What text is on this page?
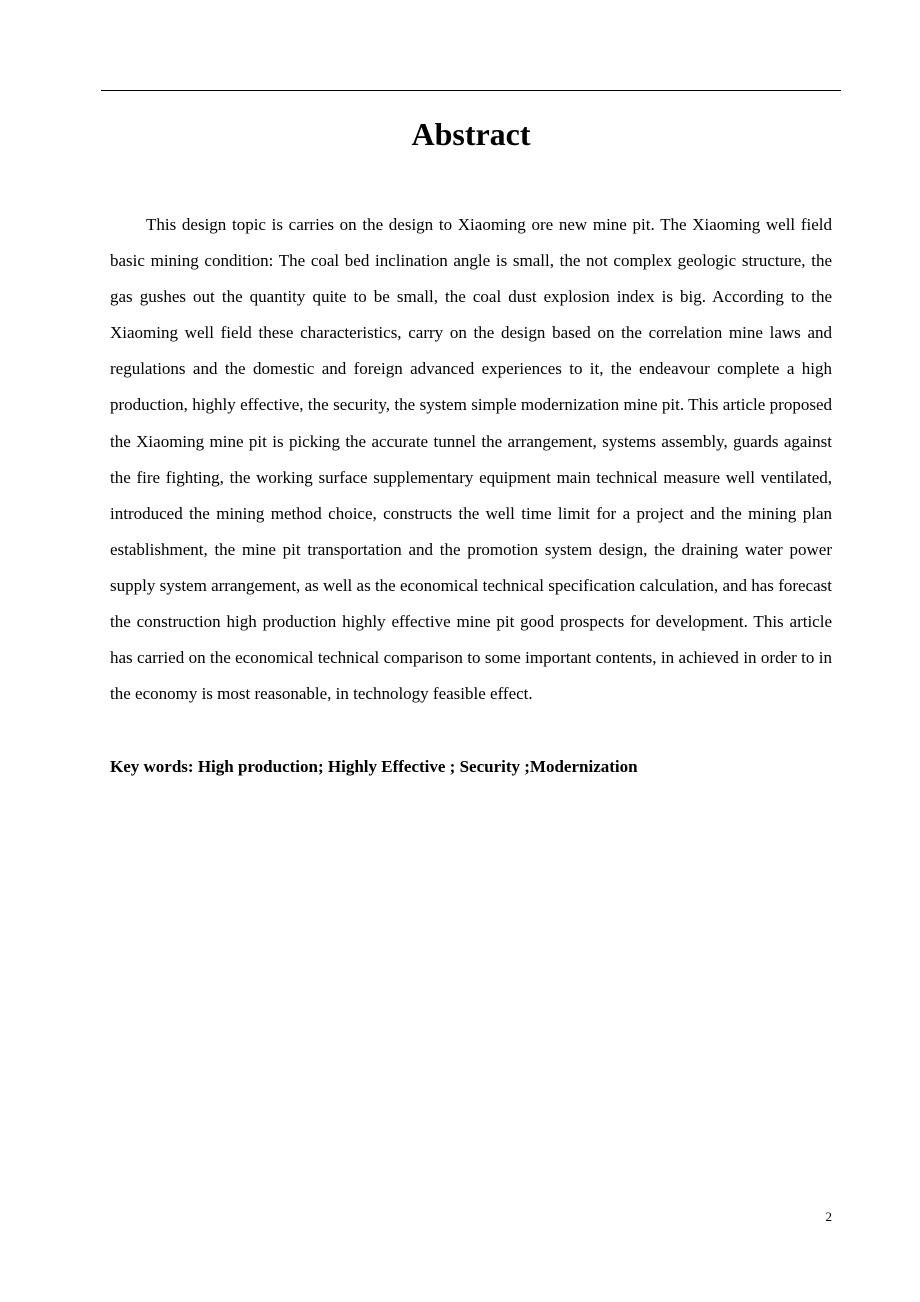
Abstract

This design topic is carries on the design to Xiaoming ore new mine pit. The Xiaoming well field basic mining condition: The coal bed inclination angle is small, the not complex geologic structure, the gas gushes out the quantity quite to be small, the coal dust explosion index is big. According to the Xiaoming well field these characteristics, carry on the design based on the correlation mine laws and regulations and the domestic and foreign advanced experiences to it, the endeavour complete a high production, highly effective, the security, the system simple modernization mine pit. This article proposed the Xiaoming mine pit is picking the accurate tunnel the arrangement, systems assembly, guards against the fire fighting, the working surface supplementary equipment main technical measure well ventilated, introduced the mining method choice, constructs the well time limit for a project and the mining plan establishment, the mine pit transportation and the promotion system design, the draining water power supply system arrangement, as well as the economical technical specification calculation, and has forecast the construction high production highly effective mine pit good prospects for development. This article has carried on the economical technical comparison to some important contents, in achieved in order to in the economy is most reasonable, in technology feasible effect.

Key words: High production; Highly Effective ; Security ;Modernization

2
